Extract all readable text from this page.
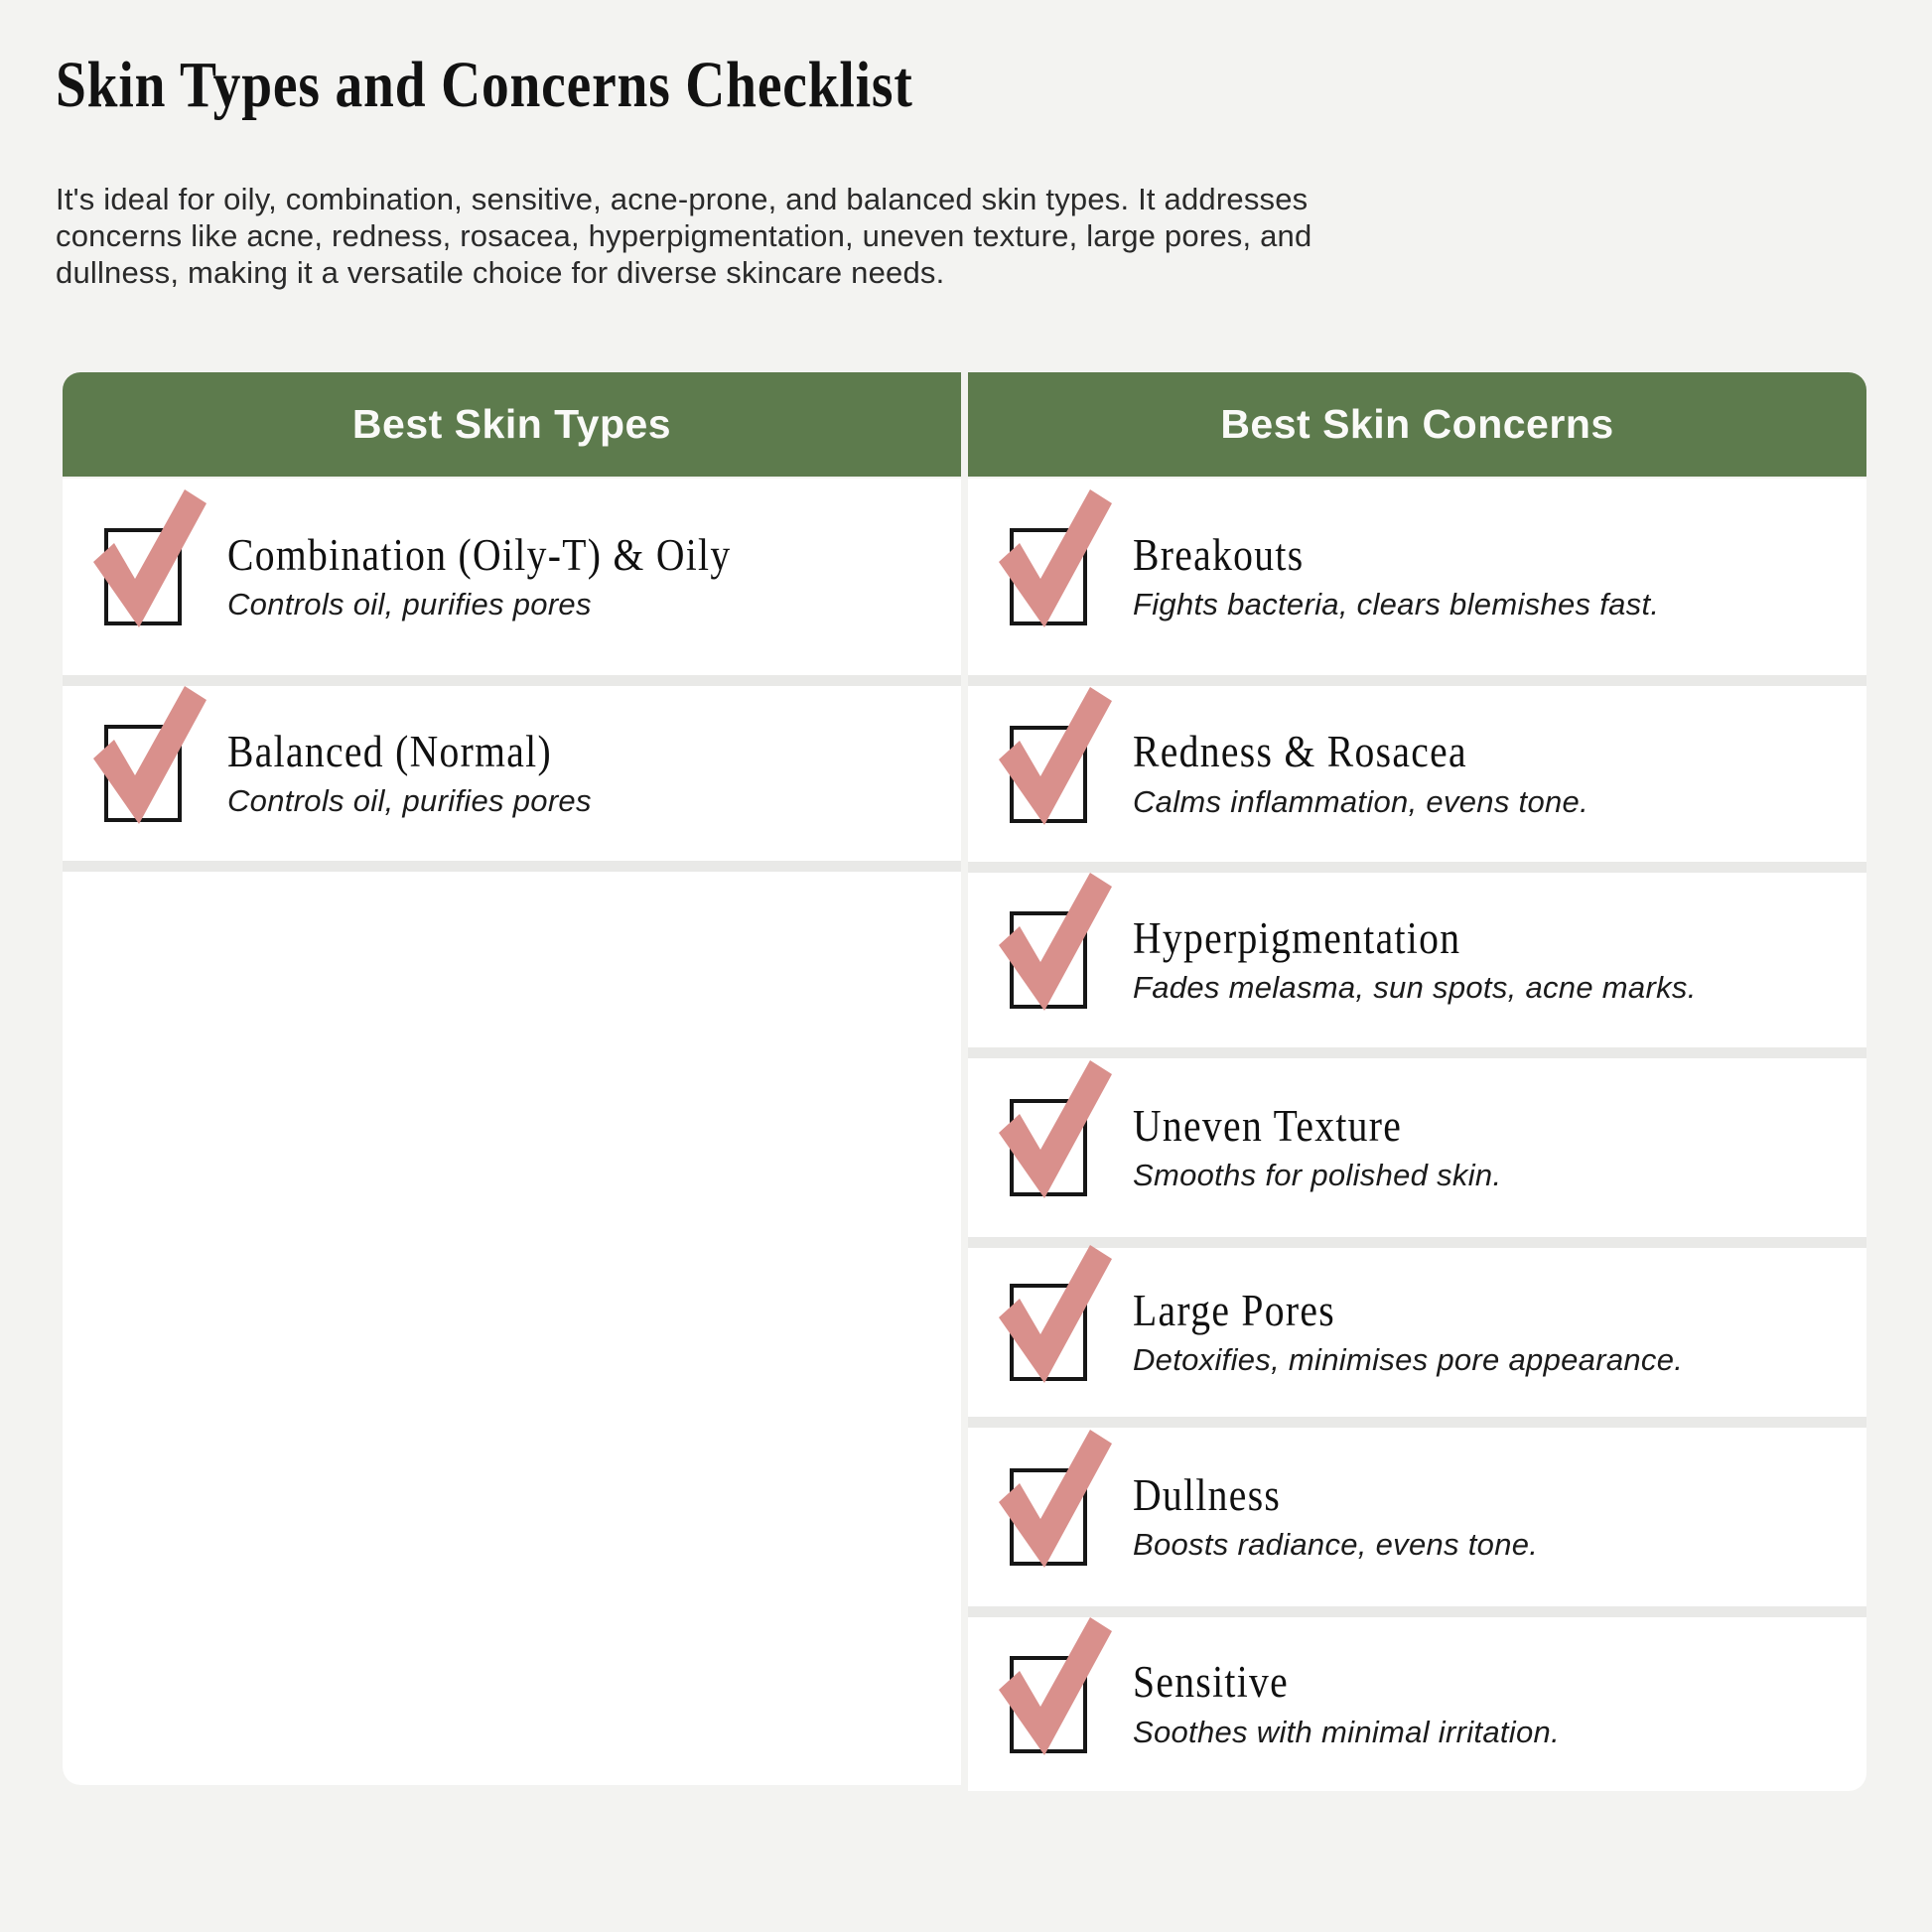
Skin Types and Concerns Checklist
It's ideal for oily, combination, sensitive, acne-prone, and balanced skin types. It addresses
concerns like acne, redness, rosacea, hyperpigmentation, uneven texture, large pores, and
dullness, making it a versatile choice for diverse skincare needs.
Best Skin Types
Combination (Oily-T) & Oily
Controls oil, purifies pores
Balanced (Normal)
Controls oil, purifies pores
Best Skin Concerns
Breakouts
Fights bacteria, clears blemishes fast.
Redness & Rosacea
Calms inflammation, evens tone.
Hyperpigmentation
Fades melasma, sun spots, acne marks.
Uneven Texture
Smooths for polished skin.
Large Pores
Detoxifies, minimises pore appearance.
Dullness
Boosts radiance, evens tone.
Sensitive
Soothes with minimal irritation.
